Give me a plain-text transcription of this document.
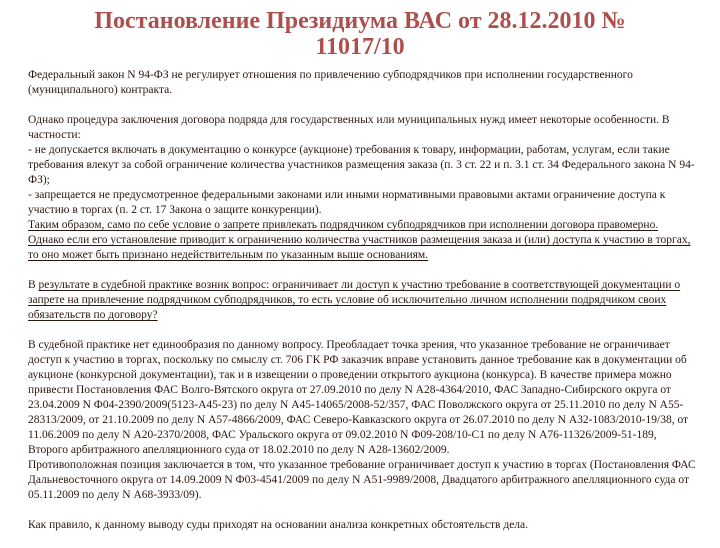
Постановление Президиума ВАС от 28.12.2010 № 11017/10
Федеральный закон N 94-ФЗ не регулирует отношения по привлечению субподрядчиков при исполнении государственного (муниципального) контракта.
Однако процедура заключения договора подряда для государственных или муниципальных нужд имеет некоторые особенности. В частности:
- не допускается включать в документацию о конкурсе (аукционе) требования к товару, информации, работам, услугам, если такие требования влекут за собой ограничение количества участников размещения заказа (п. 3 ст. 22 и п. 3.1 ст. 34 Федерального закона N 94-ФЗ);
- запрещается не предусмотренное федеральными законами или иными нормативными правовыми актами ограничение доступа к участию в торгах (п. 2 ст. 17 Закона о защите конкуренции).
Таким образом, само по себе условие о запрете привлекать подрядчиком субподрядчиков при исполнении договора правомерно. Однако если его установление приводит к ограничению количества участников размещения заказа и (или) доступа к участию в торгах, то оно может быть признано недействительным по указанным выше основаниям.
В результате в судебной практике возник вопрос: ограничивает ли доступ к участию требование в соответствующей документации о запрете на привлечение подрядчиком субподрядчиков, то есть условие об исключительно личном исполнении подрядчиком своих обязательств по договору?
В судебной практике нет единообразия по данному вопросу. Преобладает точка зрения, что указанное требование не ограничивает доступ к участию в торгах, поскольку по смыслу ст. 706 ГК РФ заказчик вправе установить данное требование как в документации об аукционе (конкурсной документации), так и в извещении о проведении открытого аукциона (конкурса). В качестве примера можно привести Постановления ФАС Волго-Вятского округа от 27.09.2010 по делу N А28-4364/2010, ФАС Западно-Сибирского округа от 23.04.2009 N Ф04-2390/2009(5123-А45-23) по делу N А45-14065/2008-52/357, ФАС Поволжского округа от 25.11.2010 по делу N А55-28313/2009, от 21.10.2009 по делу N А57-4866/2009, ФАС Северо-Кавказского округа от 26.07.2010 по делу N А32-1083/2010-19/38, от 11.06.2009 по делу N А20-2370/2008, ФАС Уральского округа от 09.02.2010 N Ф09-208/10-С1 по делу N А76-11326/2009-51-189, Второго арбитражного апелляционного суда от 18.02.2010 по делу N А28-13602/2009.
Противоположная позиция заключается в том, что указанное требование ограничивает доступ к участию в торгах (Постановления ФАС Дальневосточного округа от 14.09.2009 N Ф03-4541/2009 по делу N А51-9989/2008, Двадцатого арбитражного апелляционного суда от 05.11.2009 по делу N А68-3933/09).
Как правило, к данному выводу суды приходят на основании анализа конкретных обстоятельств дела.
